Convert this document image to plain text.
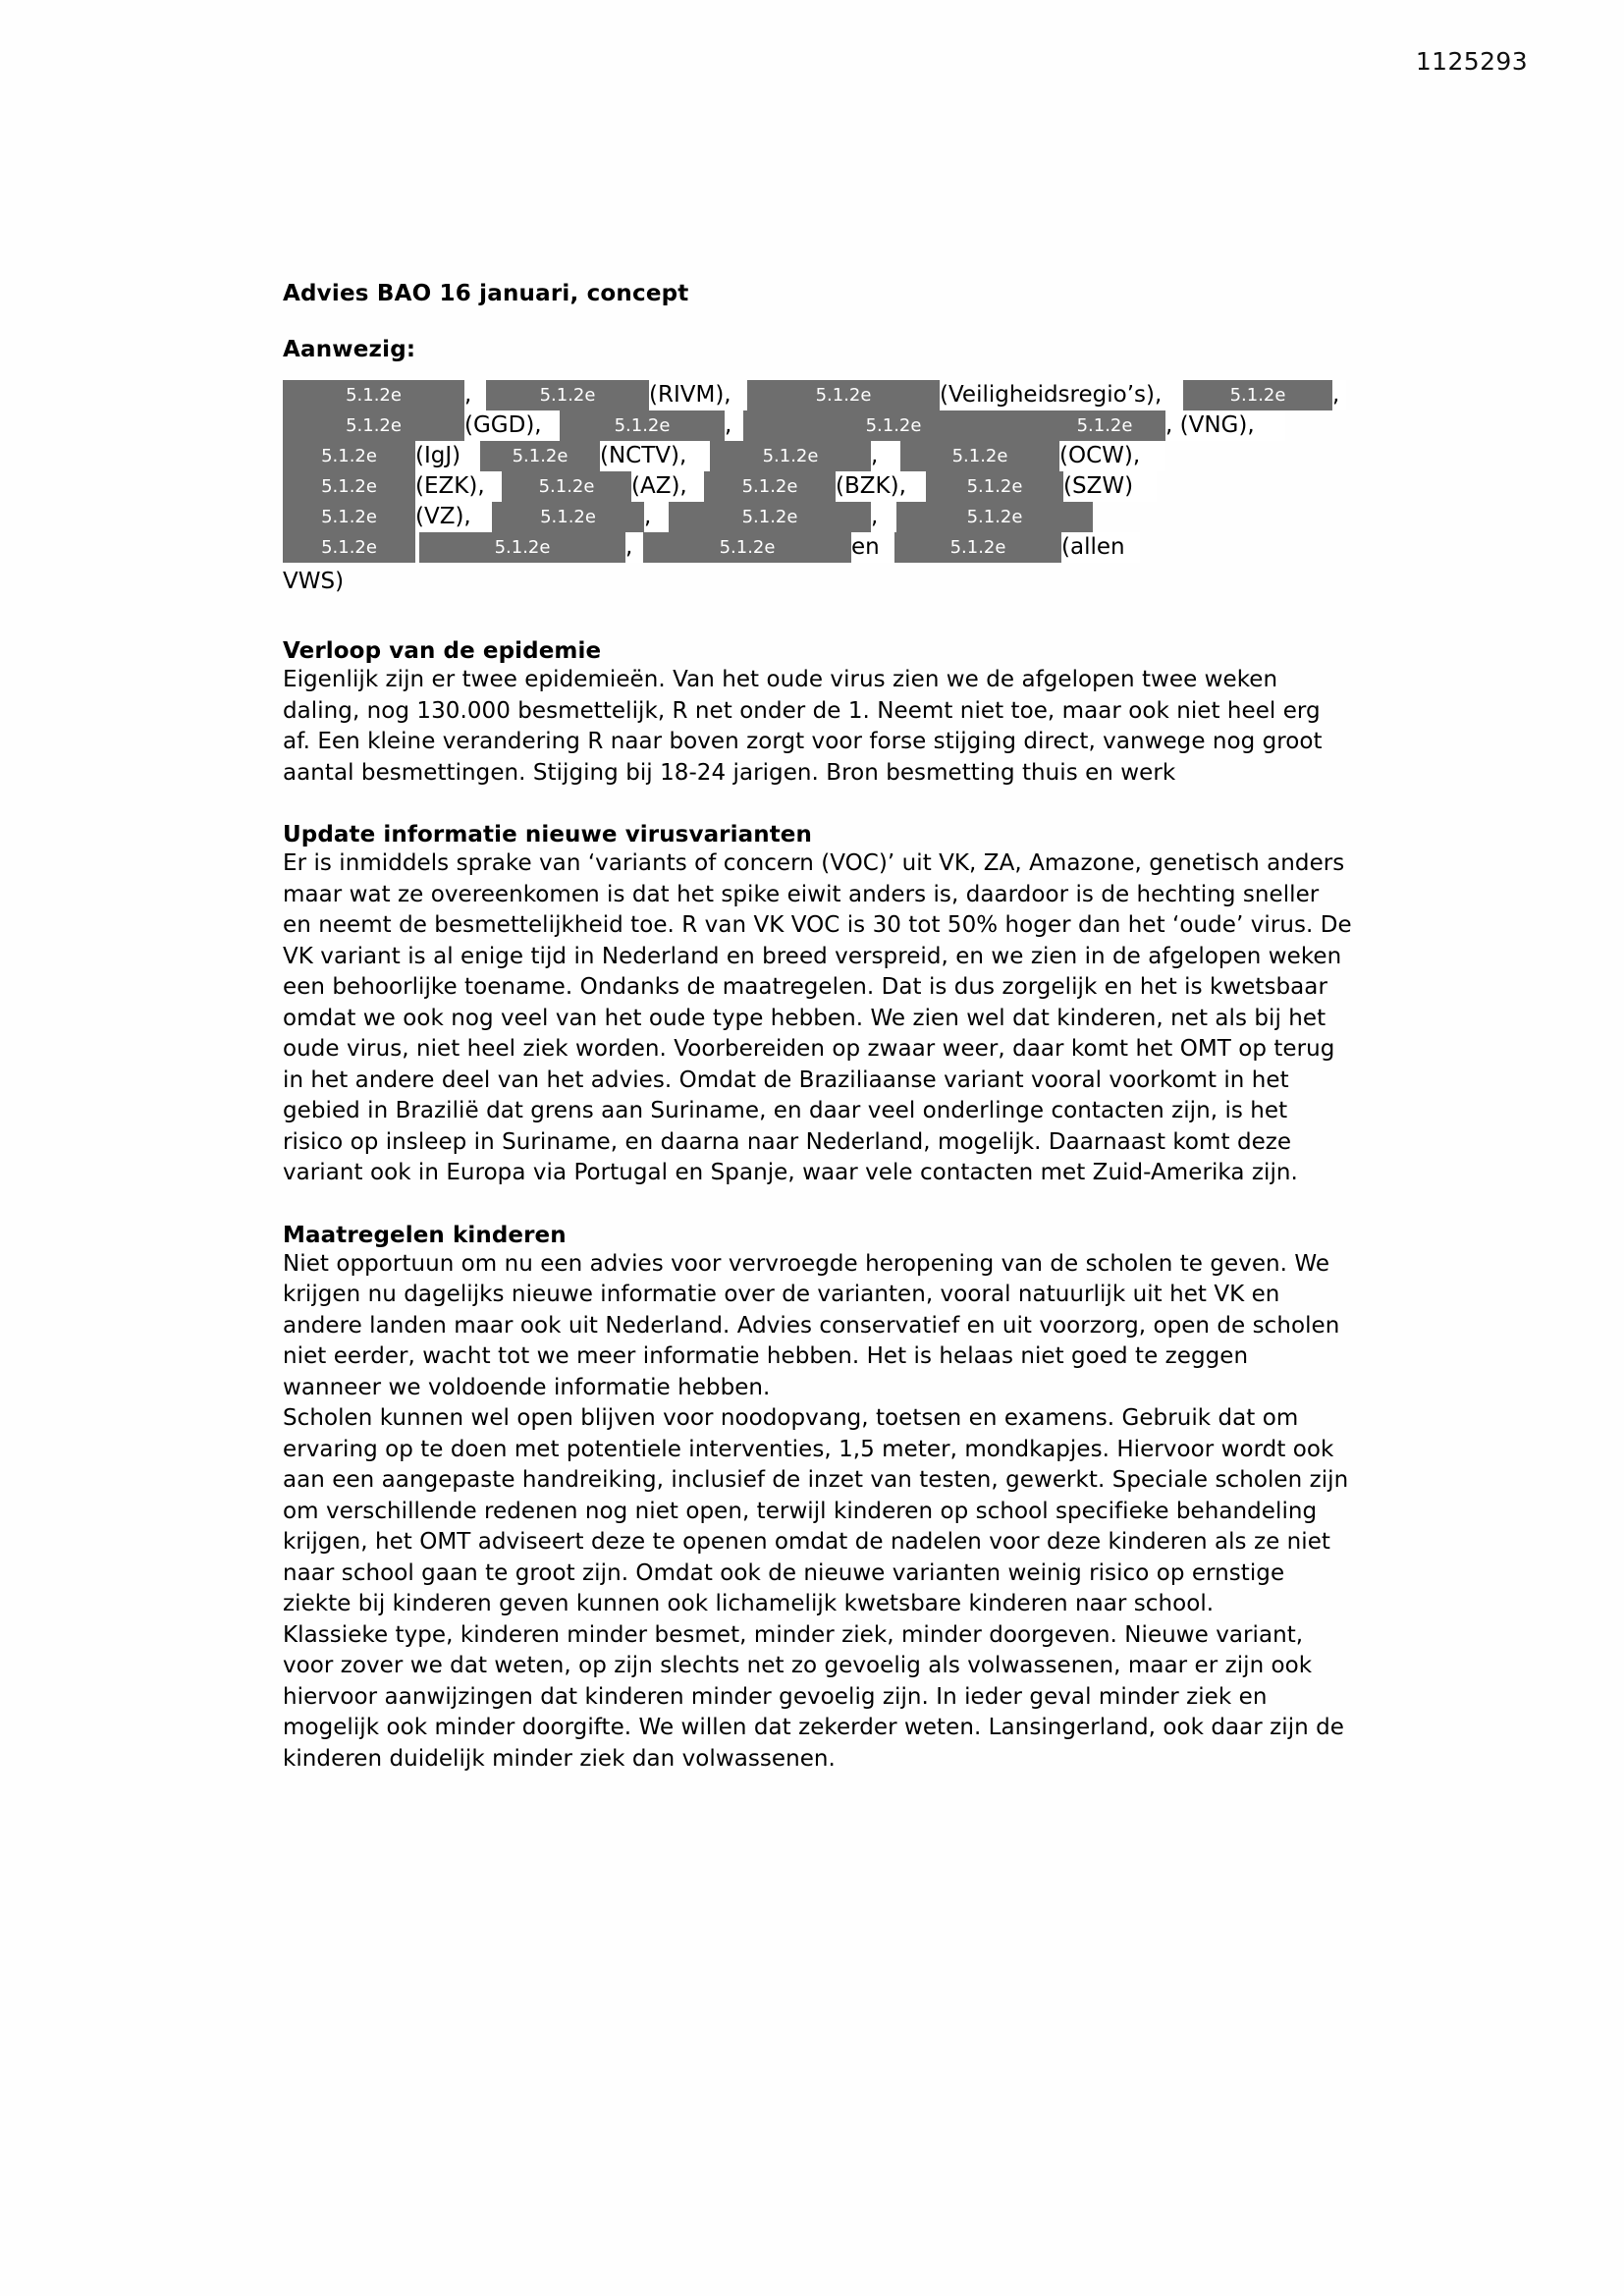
1125293
Advies BAO 16 januari, concept
Aanwezig:
5.1.2e	,	5.1.2e	(RIVM),	5.1.2e	(Veiligheidsregio’s),	5.1.2e	,
5.1.2e	(GGD),	5.1.2e	,	5.1.2e	5.1.2e	, (VNG),
5.1.2e	(IgJ)	5.1.2e	(NCTV),	5.1.2e	,	5.1.2e	(OCW),
5.1.2e	(EZK),	5.1.2e	(AZ),	5.1.2e	(BZK),	5.1.2e	(SZW)
5.1.2e	(VZ),	5.1.2e	,	5.1.2e	,	5.1.2e
5.1.2e	5.1.2e	,	5.1.2e	en	5.1.2e	(allen
VWS)
Verloop van de epidemie

Eigenlijk zijn er twee epidemieën. Van het oude virus zien we de afgelopen twee weken daling, nog 130.000 besmettelijk, R net onder de 1. Neemt niet toe, maar ook niet heel erg af. Een kleine verandering R naar boven zorgt voor forse stijging direct, vanwege nog groot aantal besmettingen. Stijging bij 18-24 jarigen. Bron besmetting thuis en werk

Update informatie nieuwe virusvarianten

Er is inmiddels sprake van ‘variants of concern (VOC)’ uit VK, ZA, Amazone, genetisch anders maar wat ze overeenkomen is dat het spike eiwit anders is, daardoor is de hechting sneller en neemt de besmettelijkheid toe. R van VK VOC is 30 tot 50% hoger dan het ‘oude’ virus. De VK variant is al enige tijd in Nederland en breed verspreid, en we zien in de afgelopen weken een behoorlijke toename. Ondanks de maatregelen. Dat is dus zorgelijk en het is kwetsbaar omdat we ook nog veel van het oude type hebben. We zien wel dat kinderen, net als bij het oude virus, niet heel ziek worden. Voorbereiden op zwaar weer, daar komt het OMT op terug in het andere deel van het advies. Omdat de Braziliaanse variant vooral voorkomt in het gebied in Brazilië dat grens aan Suriname, en daar veel onderlinge contacten zijn, is het risico op insleep in Suriname, en daarna naar Nederland, mogelijk. Daarnaast komt deze variant ook in Europa via Portugal en Spanje, waar vele contacten met Zuid-Amerika zijn.

Maatregelen kinderen

Niet opportuun om nu een advies voor vervroegde heropening van de scholen te geven. We krijgen nu dagelijks nieuwe informatie over de varianten, vooral natuurlijk uit het VK en andere landen maar ook uit Nederland. Advies conservatief en uit voorzorg, open de scholen niet eerder, wacht tot we meer informatie hebben. Het is helaas niet goed te zeggen wanneer we voldoende informatie hebben.

Scholen kunnen wel open blijven voor noodopvang, toetsen en examens. Gebruik dat om ervaring op te doen met potentiele interventies, 1,5 meter, mondkapjes. Hiervoor wordt ook aan een aangepaste handreiking, inclusief de inzet van testen, gewerkt. Speciale scholen zijn om verschillende redenen nog niet open, terwijl kinderen op school specifieke behandeling krijgen, het OMT adviseert deze te openen omdat de nadelen voor deze kinderen als ze niet naar school gaan te groot zijn. Omdat ook de nieuwe varianten weinig risico op ernstige ziekte bij kinderen geven kunnen ook lichamelijk kwetsbare kinderen naar school.

Klassieke type, kinderen minder besmet, minder ziek, minder doorgeven. Nieuwe variant, voor zover we dat weten, op zijn slechts net zo gevoelig als volwassenen, maar er zijn ook hiervoor aanwijzingen dat kinderen minder gevoelig zijn. In ieder geval minder ziek en mogelijk ook minder doorgifte. We willen dat zekerder weten. Lansingerland, ook daar zijn de kinderen duidelijk minder ziek dan volwassenen.
